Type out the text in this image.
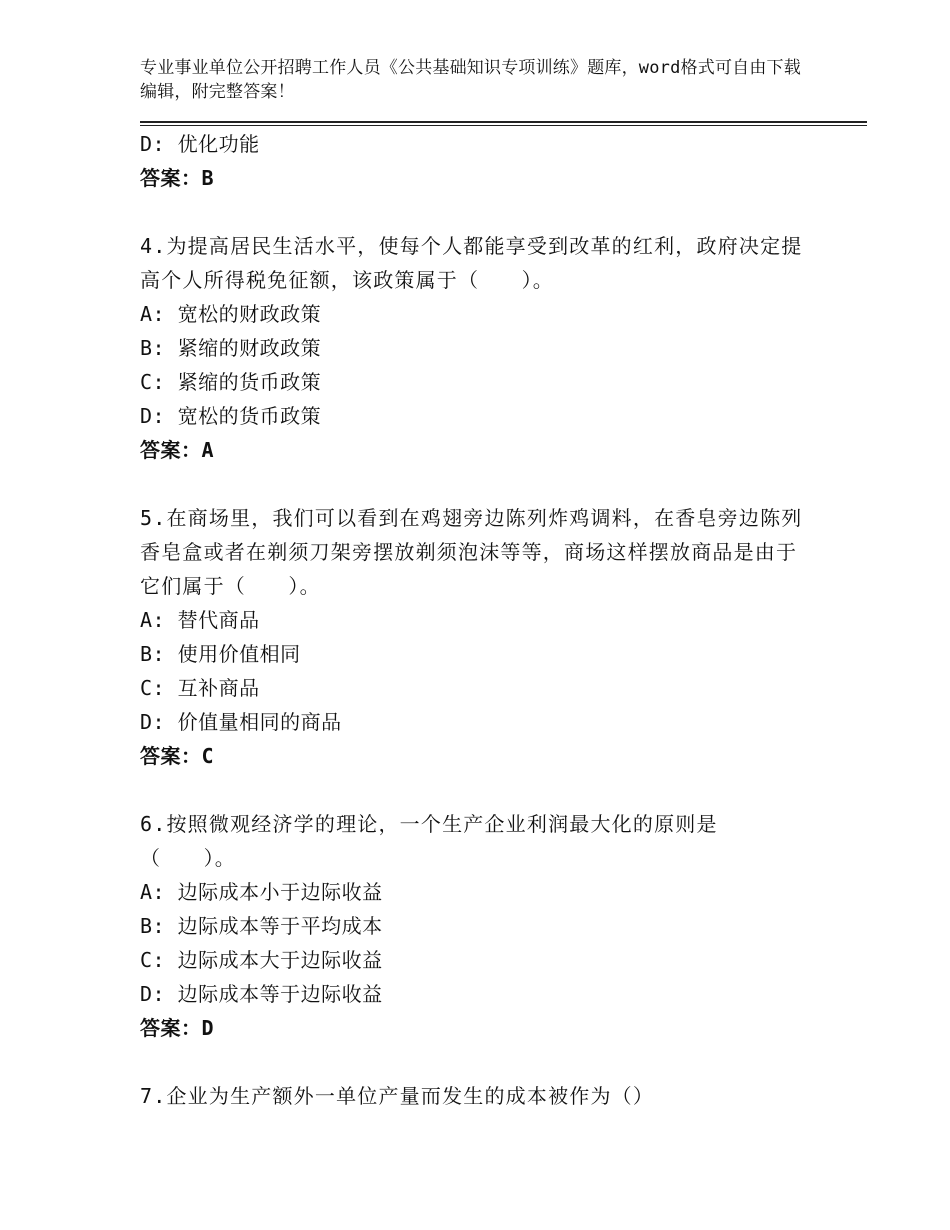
专业事业单位公开招聘工作人员《公共基础知识专项训练》题库，word格式可自由下载编辑，附完整答案！
D: 优化功能
答案：B
4.为提高居民生活水平，使每个人都能享受到改革的红利，政府决定提高个人所得税免征额，该政策属于（　　）。
A: 宽松的财政政策
B: 紧缩的财政政策
C: 紧缩的货币政策
D: 宽松的货币政策
答案：A
5.在商场里，我们可以看到在鸡翅旁边陈列炸鸡调料，在香皂旁边陈列香皂盒或者在剃须刀架旁摆放剃须泡沫等等，商场这样摆放商品是由于它们属于（　　）。
A: 替代商品
B: 使用价值相同
C: 互补商品
D: 价值量相同的商品
答案：C
6.按照微观经济学的理论，一个生产企业利润最大化的原则是（　　）。
A: 边际成本小于边际收益
B: 边际成本等于平均成本
C: 边际成本大于边际收益
D: 边际成本等于边际收益
答案：D
7.企业为生产额外一单位产量而发生的成本被作为（）
